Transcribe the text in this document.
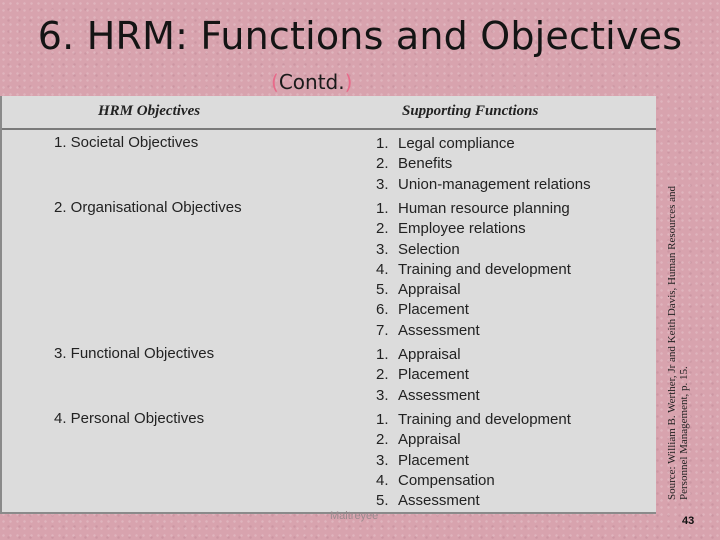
6. HRM: Functions and Objectives
(Contd.)
HRM Objectives	Supporting Functions
1. Societal Objectives	1. Legal compliance
2. Benefits
3. Union-management relations
2. Organisational Objectives	1. Human resource planning
2. Employee relations
3. Selection
4. Training and development
5. Appraisal
6. Placement
7. Assessment
3. Functional Objectives	1. Appraisal
2. Placement
3. Assessment
4. Personal Objectives	1. Training and development
2. Appraisal
3. Placement
4. Compensation
5. Assessment
Source: William B. Werther, Jr and Keith Davis, Human Resources and Personnel Management, p. 15.
Maitreyee	43
